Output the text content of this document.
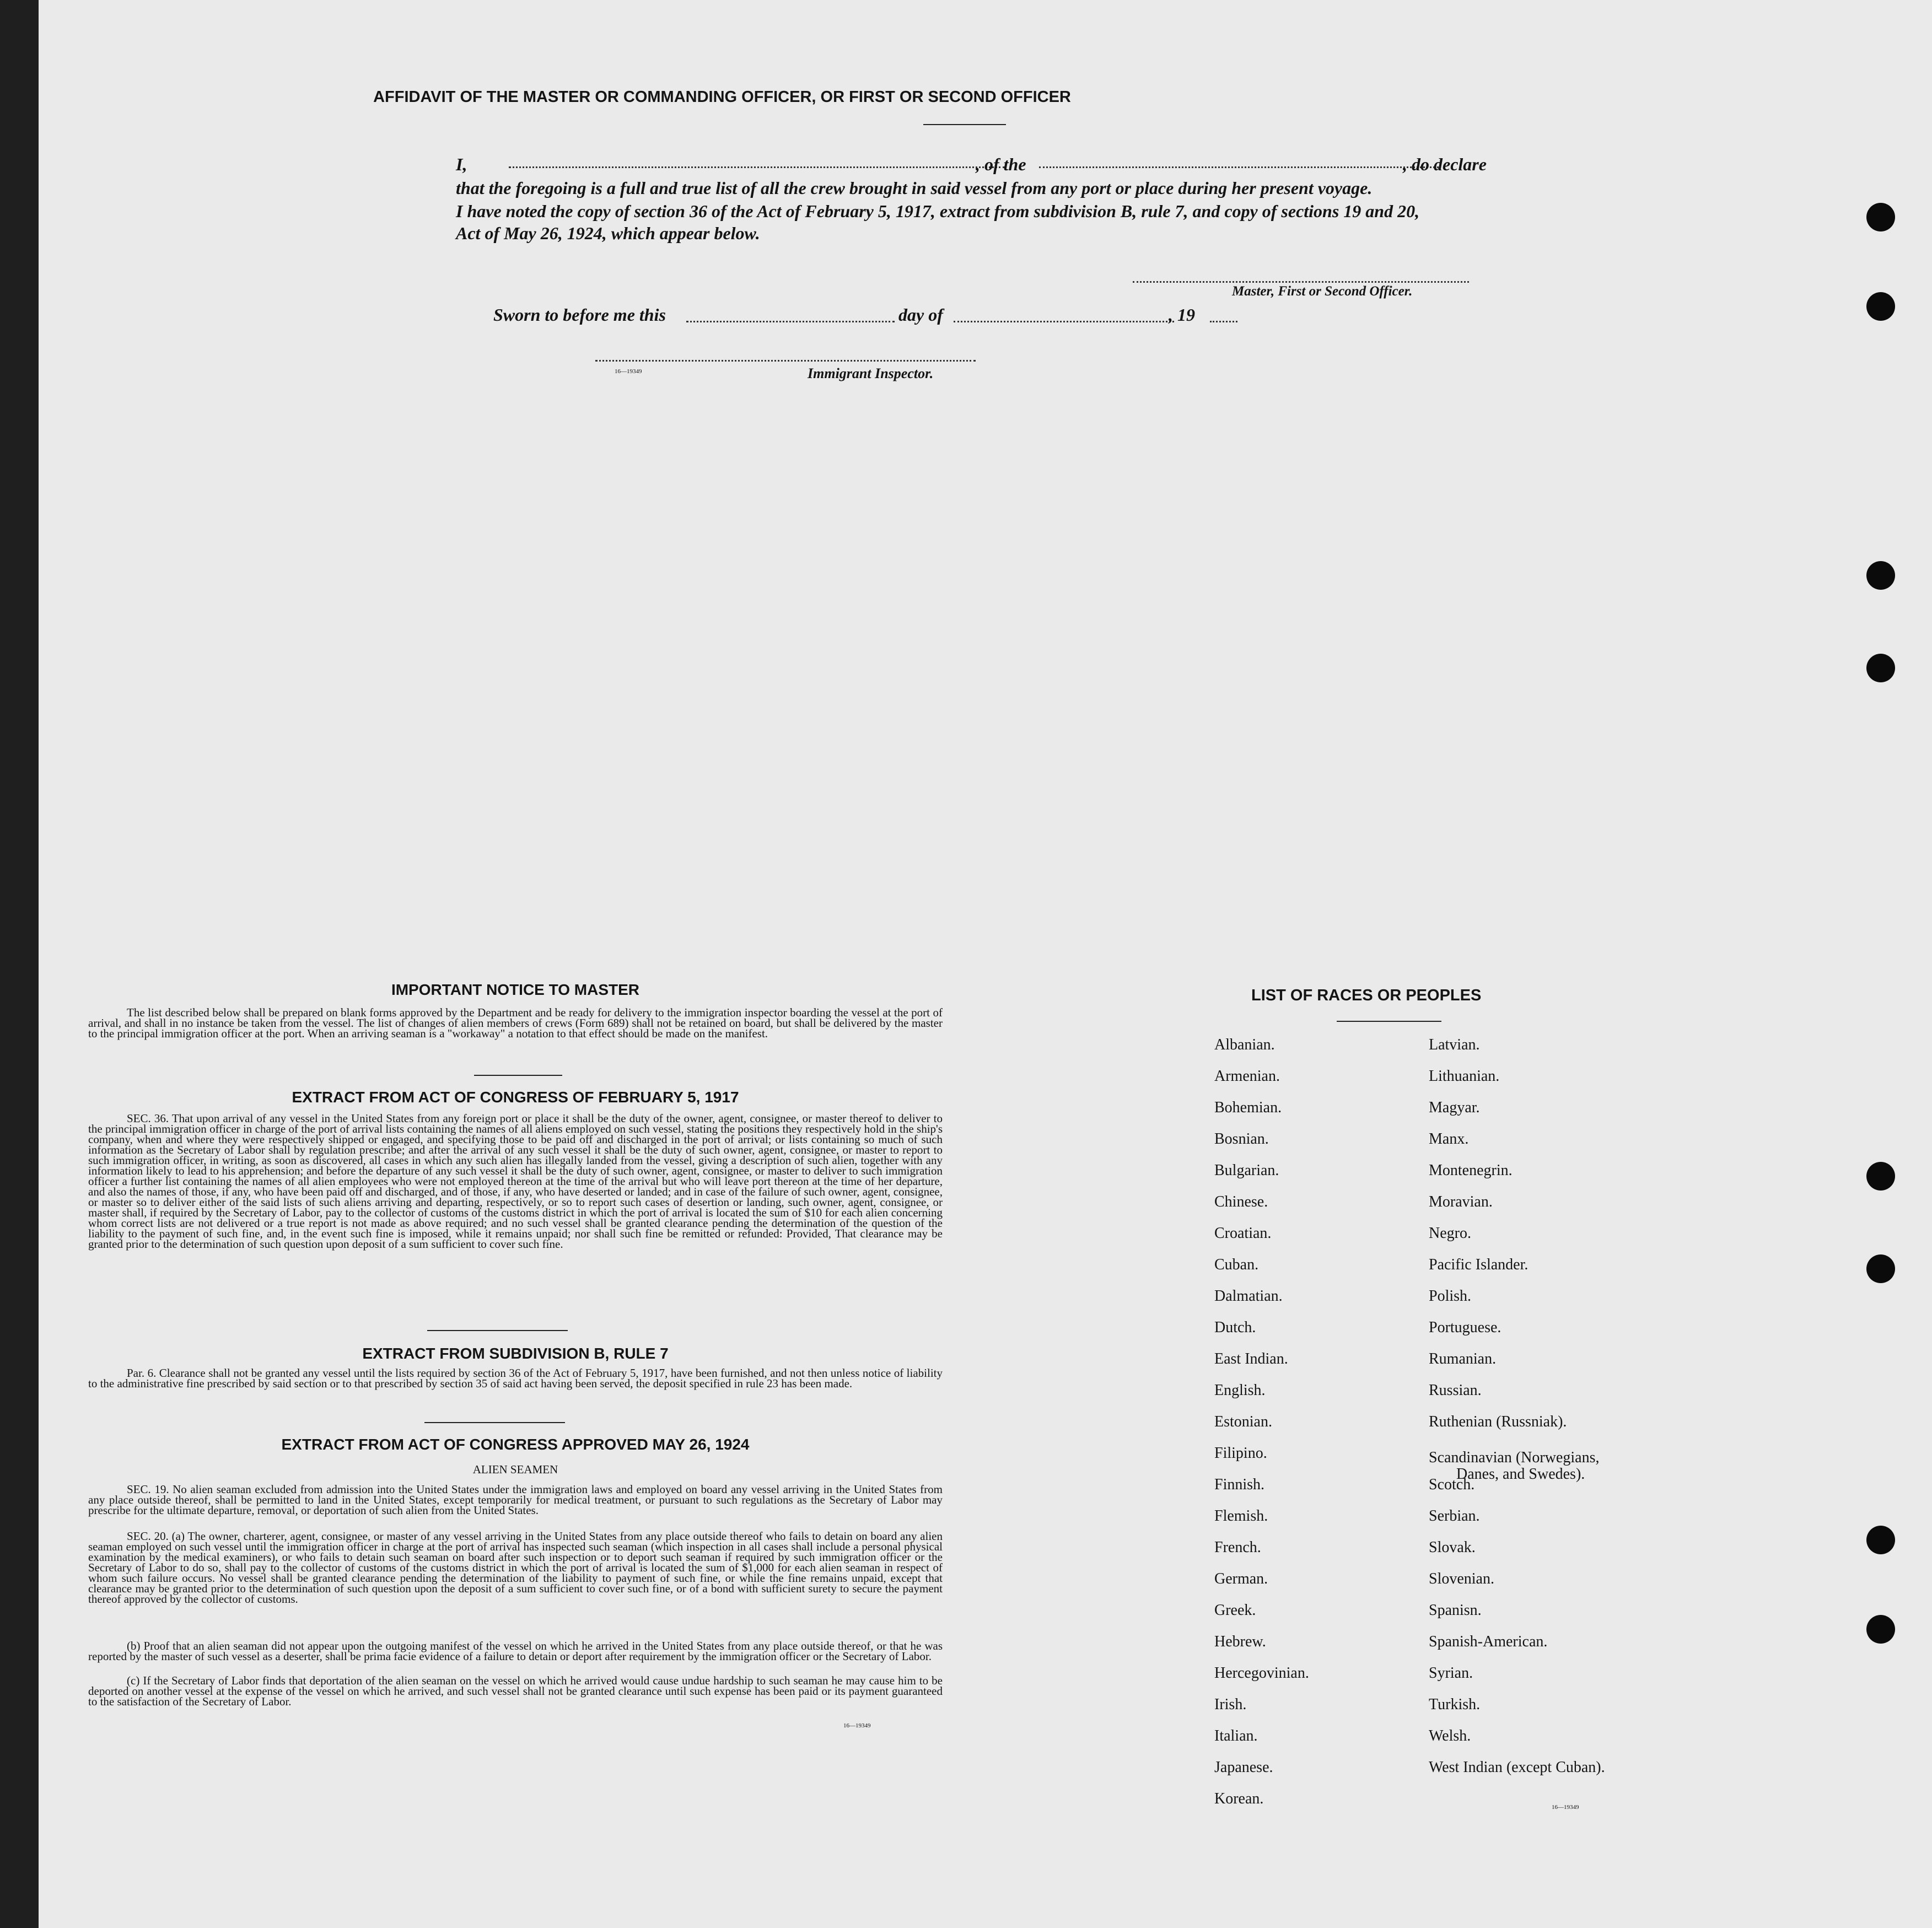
AFFIDAVIT OF THE MASTER OR COMMANDING OFFICER, OR FIRST OR SECOND OFFICER
I,	, of the	, do declare
that the foregoing is a full and true list of all the crew brought in said vessel from any port or place during her present voyage.
I have noted the copy of section 36 of the Act of February 5, 1917, extract from subdivision B, rule 7, and copy of sections 19 and 20,
Act of May 26, 1924, which appear below.
Master, First or Second Officer.
Sworn to before me this	day of	, 19
16—19349	Immigrant Inspector.
IMPORTANT NOTICE TO MASTER
The list described below shall be prepared on blank forms approved by the Department and be ready for delivery to the immigration inspector boarding the vessel at the port of arrival, and shall in no instance be taken from the vessel. The list of changes of alien members of crews (Form 689) shall not be retained on board, but shall be delivered by the master to the principal immigration officer at the port. When an arriving seaman is a "workaway" a notation to that effect should be made on the manifest.
EXTRACT FROM ACT OF CONGRESS OF FEBRUARY 5, 1917
SEC. 36. That upon arrival of any vessel in the United States from any foreign port or place it shall be the duty of the owner, agent, consignee, or master thereof to deliver to the principal immigration officer in charge of the port of arrival lists containing the names of all aliens employed on such vessel, stating the positions they respectively hold in the ship's company, when and where they were respectively shipped or engaged, and specifying those to be paid off and discharged in the port of arrival; or lists containing so much of such information as the Secretary of Labor shall by regulation prescribe; and after the arrival of any such vessel it shall be the duty of such owner, agent, consignee, or master to report to such immigration officer, in writing, as soon as discovered, all cases in which any such alien has illegally landed from the vessel, giving a description of such alien, together with any information likely to lead to his apprehension; and before the departure of any such vessel it shall be the duty of such owner, agent, consignee, or master to deliver to such immigration officer a further list containing the names of all alien employees who were not employed thereon at the time of the arrival but who will leave port thereon at the time of her departure, and also the names of those, if any, who have been paid off and discharged, and of those, if any, who have deserted or landed; and in case of the failure of such owner, agent, consignee, or master so to deliver either of the said lists of such aliens arriving and departing, respectively, or so to report such cases of desertion or landing, such owner, agent, consignee, or master shall, if required by the Secretary of Labor, pay to the collector of customs of the customs district in which the port of arrival is located the sum of $10 for each alien concerning whom correct lists are not delivered or a true report is not made as above required; and no such vessel shall be granted clearance pending the determination of the question of the liability to the payment of such fine, and, in the event such fine is imposed, while it remains unpaid; nor shall such fine be remitted or refunded: Provided, That clearance may be granted prior to the determination of such question upon deposit of a sum sufficient to cover such fine.
EXTRACT FROM SUBDIVISION B, RULE 7
Par. 6. Clearance shall not be granted any vessel until the lists required by section 36 of the Act of February 5, 1917, have been furnished, and not then unless notice of liability to the administrative fine prescribed by said section or to that prescribed by section 35 of said act having been served, the deposit specified in rule 23 has been made.
EXTRACT FROM ACT OF CONGRESS APPROVED MAY 26, 1924
ALIEN SEAMEN
SEC. 19. No alien seaman excluded from admission into the United States under the immigration laws and employed on board any vessel arriving in the United States from any place outside thereof, shall be permitted to land in the United States, except temporarily for medical treatment, or pursuant to such regulations as the Secretary of Labor may prescribe for the ultimate departure, removal, or deportation of such alien from the United States.
SEC. 20. (a) The owner, charterer, agent, consignee, or master of any vessel arriving in the United States from any place outside thereof who fails to detain on board any alien seaman employed on such vessel until the immigration officer in charge at the port of arrival has inspected such seaman (which inspection in all cases shall include a personal physical examination by the medical examiners), or who fails to detain such seaman on board after such inspection or to deport such seaman if required by such immigration officer or the Secretary of Labor to do so, shall pay to the collector of customs of the customs district in which the port of arrival is located the sum of $1,000 for each alien seaman in respect of whom such failure occurs. No vessel shall be granted clearance pending the determination of the liability to payment of such fine, or while the fine remains unpaid, except that clearance may be granted prior to the determination of such question upon the deposit of a sum sufficient to cover such fine, or of a bond with sufficient surety to secure the payment thereof approved by the collector of customs.
(b) Proof that an alien seaman did not appear upon the outgoing manifest of the vessel on which he arrived in the United States from any place outside thereof, or that he was reported by the master of such vessel as a deserter, shall be prima facie evidence of a failure to detain or deport after requirement by the immigration officer or the Secretary of Labor.
(c) If the Secretary of Labor finds that deportation of the alien seaman on the vessel on which he arrived would cause undue hardship to such seaman he may cause him to be deported on another vessel at the expense of the vessel on which he arrived, and such vessel shall not be granted clearance until such expense has been paid or its payment guaranteed to the satisfaction of the Secretary of Labor.
16—19349
LIST OF RACES OR PEOPLES
Albanian.
Armenian.
Bohemian.
Bosnian.
Bulgarian.
Chinese.
Croatian.
Cuban.
Dalmatian.
Dutch.
East Indian.
English.
Estonian.
Filipino.
Finnish.
Flemish.
French.
German.
Greek.
Hebrew.
Hercegovinian.
Irish.
Italian.
Japanese.
Korean.
Latvian.
Lithuanian.
Magyar.
Manx.
Montenegrin.
Moravian.
Negro.
Pacific Islander.
Polish.
Portuguese.
Rumanian.
Russian.
Ruthenian (Russniak).
Scandinavian (Norwegians,
Danes, and Swedes).
Scotch.
Serbian.
Slovak.
Slovenian.
Spanisn.
Spanish-American.
Syrian.
Turkish.
Welsh.
West Indian (except Cuban).
16—19349
